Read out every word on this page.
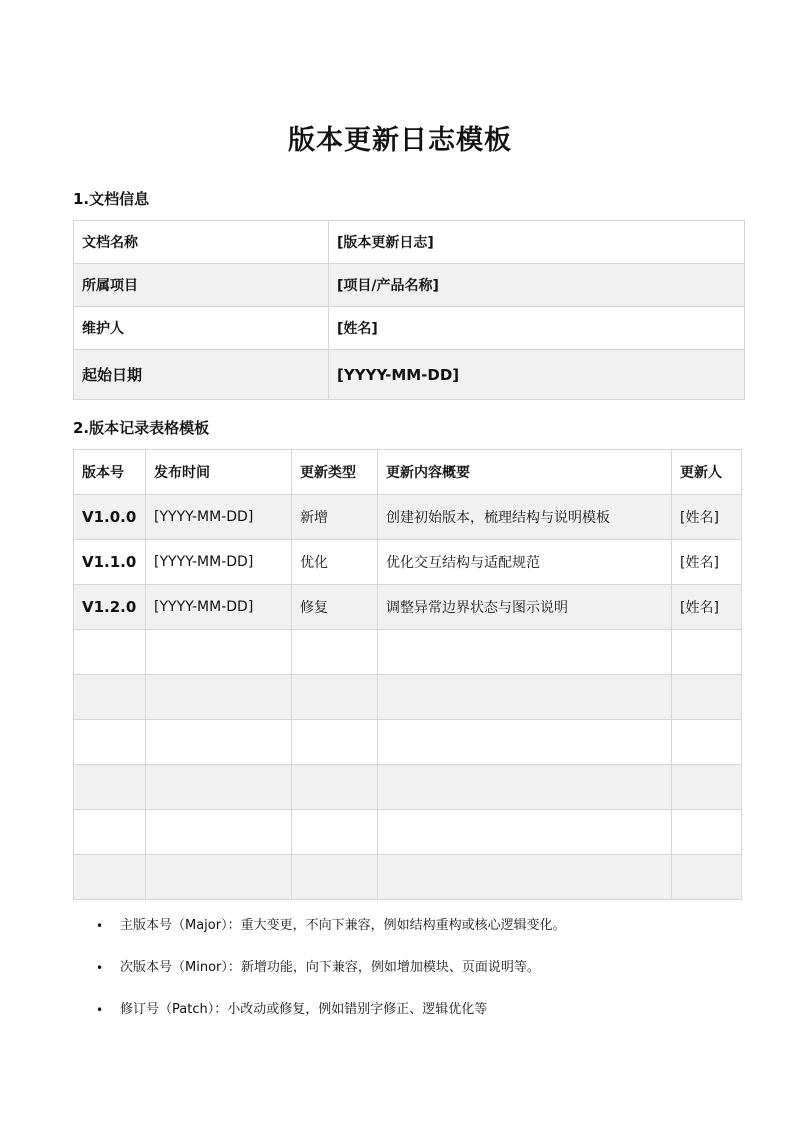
版本更新日志模板
1.文档信息
文档名称	[版本更新日志]
所属项目	[项目/产品名称]
维护人	[姓名]
起始日期	[YYYY-MM-DD]
2.版本记录表格模板
版本号	发布时间	更新类型	更新内容概要	更新人
V1.0.0	[YYYY-MM-DD]	新增	创建初始版本，梳理结构与说明模板	[姓名]
V1.1.0	[YYYY-MM-DD]	优化	优化交互结构与适配规范	[姓名]
V1.2.0	[YYYY-MM-DD]	修复	调整异常边界状态与图示说明	[姓名]

• 主版本号（Major）：重大变更，不向下兼容，例如结构重构或核心逻辑变化。
• 次版本号（Minor）：新增功能，向下兼容，例如增加模块、页面说明等。
• 修订号（Patch）：小改动或修复，例如错别字修正、逻辑优化等
